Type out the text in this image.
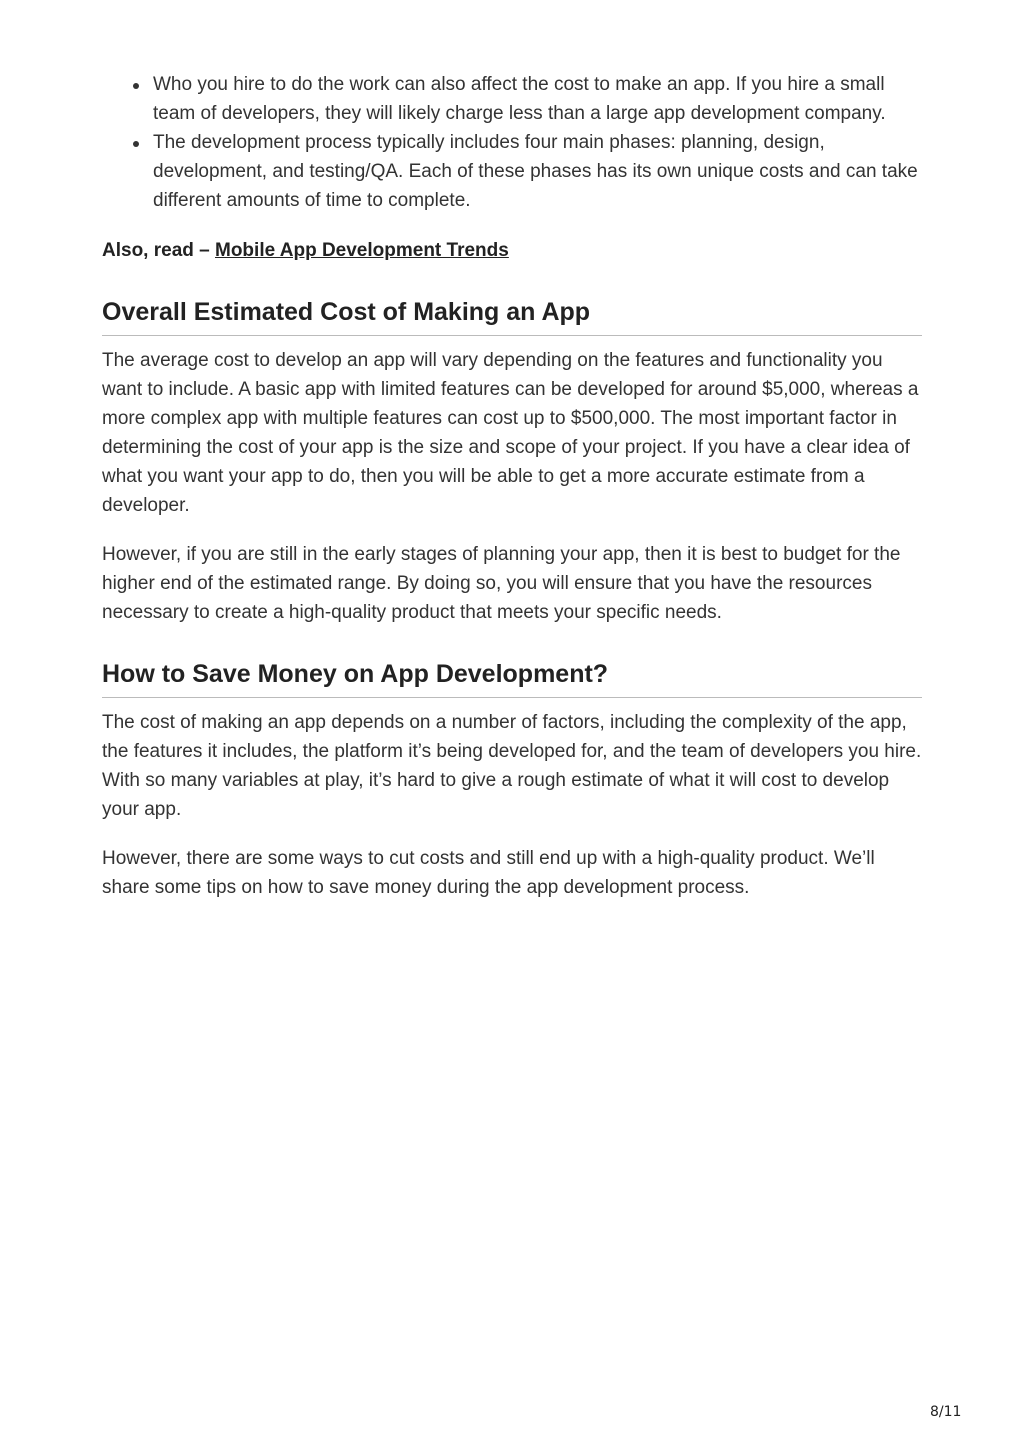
Who you hire to do the work can also affect the cost to make an app. If you hire a small team of developers, they will likely charge less than a large app development company.
The development process typically includes four main phases: planning, design, development, and testing/QA. Each of these phases has its own unique costs and can take different amounts of time to complete.
Also, read – Mobile App Development Trends
Overall Estimated Cost of Making an App

The average cost to develop an app will vary depending on the features and functionality you want to include. A basic app with limited features can be developed for around $5,000, whereas a more complex app with multiple features can cost up to $500,000. The most important factor in determining the cost of your app is the size and scope of your project. If you have a clear idea of what you want your app to do, then you will be able to get a more accurate estimate from a developer.

However, if you are still in the early stages of planning your app, then it is best to budget for the higher end of the estimated range. By doing so, you will ensure that you have the resources necessary to create a high-quality product that meets your specific needs.

How to Save Money on App Development?

The cost of making an app depends on a number of factors, including the complexity of the app, the features it includes, the platform it’s being developed for, and the team of developers you hire. With so many variables at play, it’s hard to give a rough estimate of what it will cost to develop your app.

However, there are some ways to cut costs and still end up with a high-quality product. We’ll share some tips on how to save money during the app development process.

8/11
